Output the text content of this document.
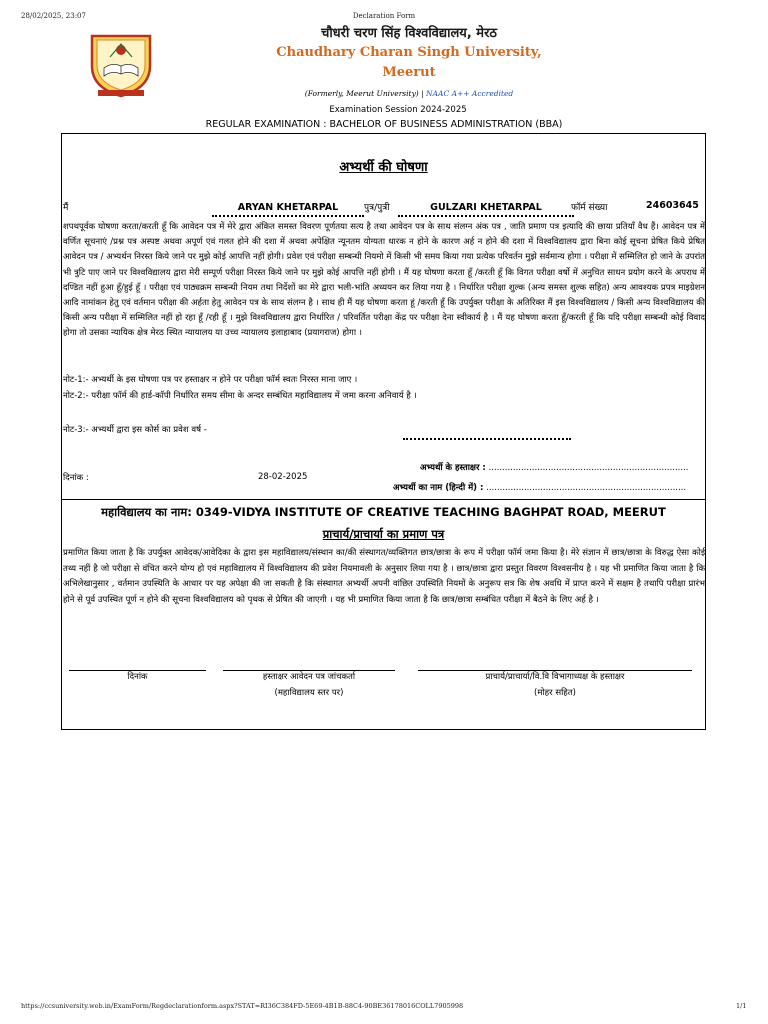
28/02/2025, 23:07	Declaration Form
चौधरी चरण सिंह विश्वविद्यालय, मेरठ
Chaudhary Charan Singh University,
Meerut
(Formerly, Meerut University) | NAAC A++ Accredited
Examination Session 2024-2025
REGULAR EXAMINATION : BACHELOR OF BUSINESS ADMINISTRATION (BBA)
अभ्यर्थी की घोषणा
मैं	ARYAN KHETARPAL	पुत्र/पुत्री	GULZARI KHETARPAL	फॉर्म संख्या	24603645

शपथपूर्वक घोषणा करता/करती हूँ कि आवेदन पत्र में मेरे द्वारा अंकित समस्त विवरण पूर्णतया सत्य है तथा आवेदन पत्र के साथ संलग्न अंक पत्र , जाति प्रमाण पत्र इत्यादि की छाया प्रतियाँ वैध हैं। आवेदन पत्र में वर्णित सूचनाएं /प्रश्न पत्र अस्पष्ट अथवा अपूर्ण एवं गलत होने की दशा में अथवा अपेक्षित न्यूनतम योग्यता धारक न होने के कारण अर्ह न होने की दशा में विश्वविद्यालय द्वारा बिना कोई सूचना प्रेषित किये प्रेषित आवेदन पत्र / अभ्यर्थन निरस्त किये जाने पर मुझे कोई आपत्ति नहीं होगी। प्रवेश एवं परीक्षा सम्बन्धी नियमो में किसी भी समय किया गया प्रत्येक परिवर्तन मुझे सर्वमान्य होगा । परीक्षा में सम्मिलित हो जाने के उपरांत भी त्रुटि पाए जाने पर विश्वविद्यालय द्वारा मेरी सम्पूर्ण परीक्षा निरस्त किये जाने पर मुझे कोई आपत्ति नहीं होगी । मैं यह घोषणा करता हूँ /करती हूँ कि विगत परीक्षा वर्षो में अनुचित साधन प्रयोग करने के अपराध में दण्डित नहीं हुआ हूँ/हुई हूँ । परीक्षा एवं पाठ्यक्रम सम्बन्धी नियम तथा निर्देशों का मेरे द्वारा भली-भांति अध्ययन कर लिया गया है । निर्धारित परीक्षा शुल्क (अन्य समस्त शुल्क सहित) अन्य आवश्यक प्रपत्र माइग्रेशन आदि नामांकन हेतु एवं वर्तमान परीक्षा की अर्हता हेतु आवेदन पत्र के साथ संलग्न है । साथ ही मैं यह घोषणा करता हूं /करती हूँ कि उपर्युक्त परीक्षा के अतिरिक्त मैं इस विश्वविद्यालय / किसी अन्य विश्वविद्यालय की किसी अन्य परीक्षा में सम्मिलित नहीं हो रहा हूँ /रही हूँ । मुझे विश्वविद्यालय द्वारा निर्धारित / परिवर्तित परीक्षा केंद्र पर परीक्षा देना स्वीकार्य है । मैं यह घोषणा करता हूँ/करती हूँ कि यदि परीक्षा सम्बन्धी कोई विवाद होगा तो उसका न्यायिक क्षेत्र मेरठ स्थित न्यायालय या उच्च न्यायालय इलाहाबाद (प्रयागराज) होगा ।

नोट-1:- अभ्यर्थी के इस घोषणा पत्र पर हस्ताक्षर न होने पर परीक्षा फॉर्म स्वतः निरस्त माना जाए ।
नोट-2:- परीक्षा फॉर्म की हार्ड-कॉपी निर्धारित समय सीमा के अन्दर सम्बंधित महाविद्यालय में जमा करना अनिवार्य है ।
नोट-3:- अभ्यर्थी द्वारा इस कोर्स का प्रवेश वर्ष -
दिनांक :	28-02-2025
अभ्यर्थी के हस्ताक्षर : ..........................................................................
अभ्यर्थी का नाम (हिन्दी में) : ..........................................................................
महाविद्यालय का नाम: 0349-VIDYA INSTITUTE OF CREATIVE TEACHING BAGHPAT ROAD, MEERUT
प्राचार्य/प्राचार्या का प्रमाण पत्र
प्रमाणित किया जाता है कि उपर्युक्त आवेदक/आवेदिका के द्वारा इस महाविद्यालय/संस्थान का/की संस्थागत/व्यक्तिगत छात्र/छात्रा के रूप में परीक्षा फॉर्म जमा किया है। मेरे संज्ञान में छात्र/छात्रा के विरुद्ध ऐसा कोई तथ्य नहीं है जो परीक्षा से वंचित करने योग्य हो एवं महाविद्यालय में विश्वविद्यालय की प्रवेश नियमावली के अनुसार लिया गया है । छात्र/छात्रा द्वारा प्रस्तुत विवरण विश्वसनीय है । यह भी प्रमाणित किया जाता है कि अभिलेखानुसार , वर्तमान उपस्थिति के आधार पर यह अपेक्षा की जा सकती है कि संस्थागत अभ्यर्थी अपनी वांछित उपस्थिति नियमों के अनुरूप सत्र कि शेष अवधि में प्राप्त करने में सक्षम है तथापि परीक्षा प्रारंभ होने से पूर्व उपस्थित पूर्ण न होने की सूचना विश्वविद्यालय को पृथक से प्रेषित की जाएगी । यह भी प्रमाणित किया जाता है कि छात्र/छात्रा सम्बंधित परीक्षा में बैठने के लिए अर्ह है ।
दिनांक	हस्ताक्षर आवेदन पत्र जांचकर्ता
(महाविद्यालय स्तर पर)
प्राचार्य/प्राचार्या/वि.वि विभागाध्यक्ष के हस्ताक्षर
(मोहर सहित)
https://ccsuniversity.web.in/ExamForm/Regdeclarationform.aspx?STAT=RI36C384FD-5E69-4B1B-88C4-90BE36178016COLL7905998	1/1
